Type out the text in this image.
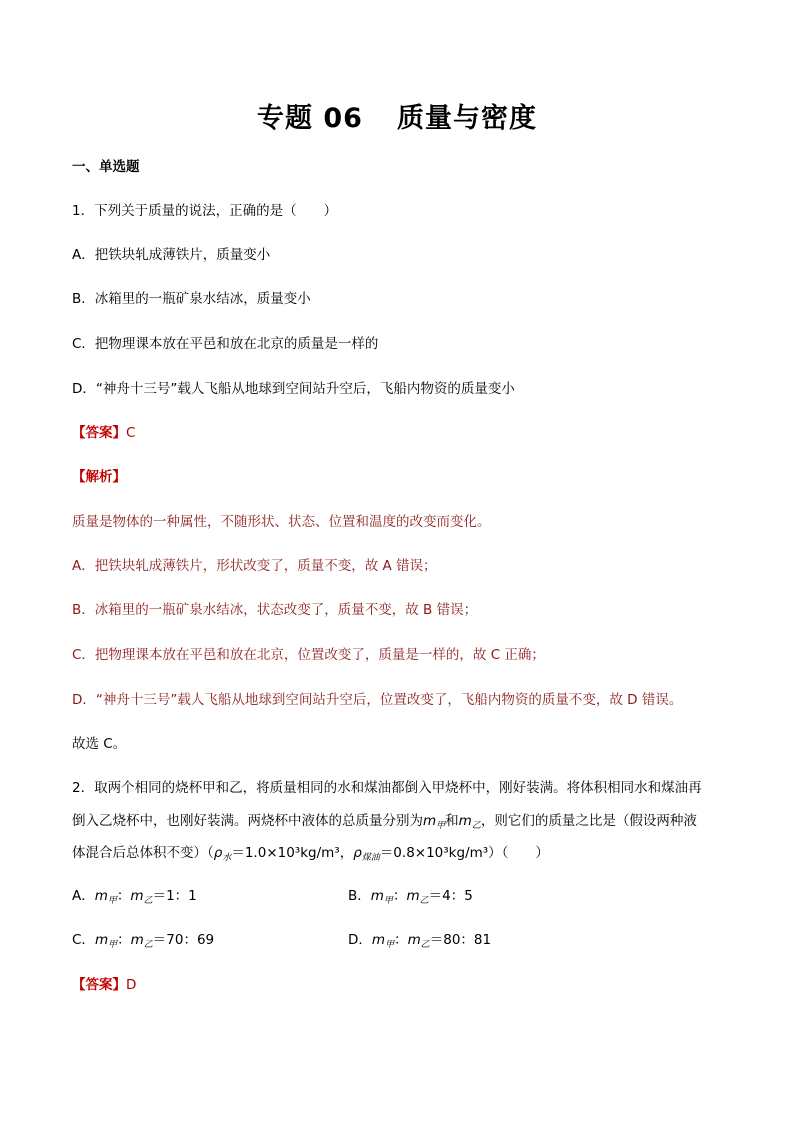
专题 06 质量与密度
一、单选题
1．下列关于质量的说法，正确的是（　　）
A．把铁块轧成薄铁片，质量变小
B．冰箱里的一瓶矿泉水结冰，质量变小
C．把物理课本放在平邑和放在北京的质量是一样的
D．“神舟十三号”载人飞船从地球到空间站升空后，飞船内物资的质量变小
【答案】C
【解析】
质量是物体的一种属性，不随形状、状态、位置和温度的改变而变化。
A．把铁块轧成薄铁片，形状改变了，质量不变，故 A 错误；
B．冰箱里的一瓶矿泉水结冰，状态改变了，质量不变，故 B 错误；
C．把物理课本放在平邑和放在北京，位置改变了，质量是一样的，故 C 正确；
D．“神舟十三号”载人飞船从地球到空间站升空后，位置改变了，飞船内物资的质量不变，故 D 错误。
故选 C。
2．取两个相同的烧杯甲和乙，将质量相同的水和煤油都倒入甲烧杯中，刚好装满。将体积相同水和煤油再
倒入乙烧杯中，也刚好装满。两烧杯中液体的总质量分别为$m_甲$和$m_乙$，则它们的质量之比是（假设两种液
体混合后总体积不变）（$\rho_水=1.0\times 10^3kg/m^3$，$\rho_{煤油}=0.8\times 10^3kg/m^3$）（　　）
A．$m_甲$：$m_乙=1$：1	B．$m_甲$：$m_乙=4$：5
C．$m_甲$：$m_乙=70$：69	D．$m_甲$：$m_乙=80$：81
【答案】D
